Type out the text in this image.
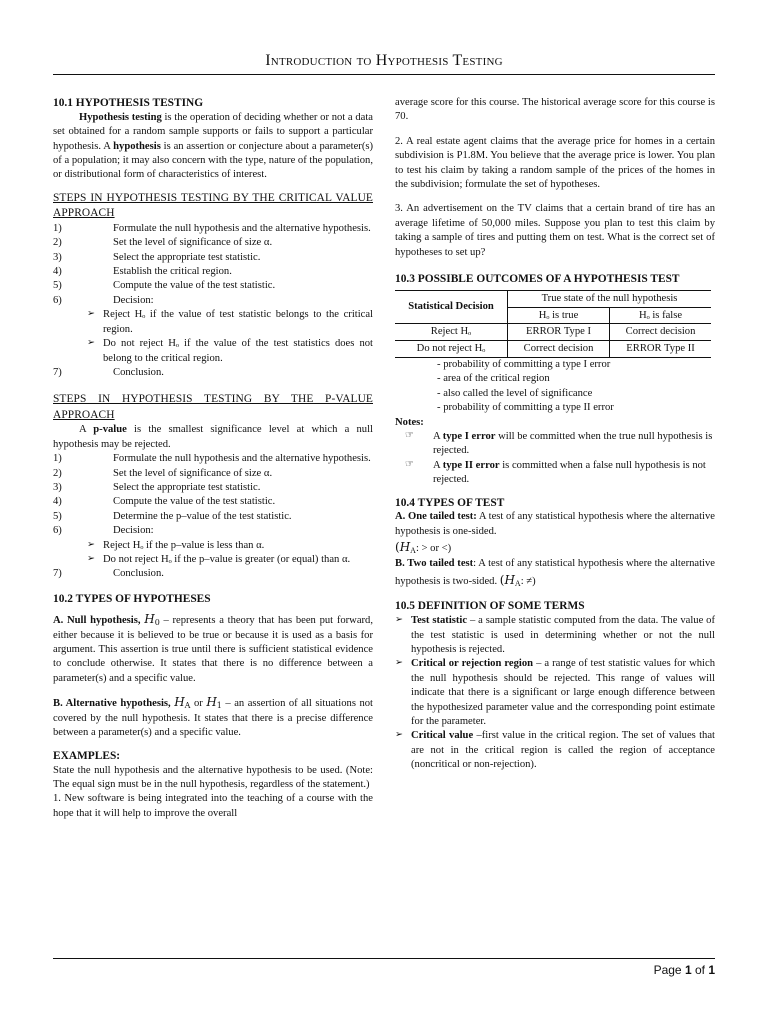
Introduction to Hypothesis Testing
10.1 HYPOTHESIS TESTING

Hypothesis testing is the operation of deciding whether or not a data set obtained for a random sample supports or fails to support a particular hypothesis. A hypothesis is an assertion or conjecture about a parameter(s) of a population; it may also concern with the type, nature of the population, or distributional form of characteristics of interest.

STEPS IN HYPOTHESIS TESTING BY THE CRITICAL VALUE APPROACH

1)	Formulate the null hypothesis and the alternative hypothesis.
2)	Set the level of significance of size α.
3)	Select the appropriate test statistic.
4)	Establish the critical region.
5)	Compute the value of the test statistic.
6)	Decision:
➢ Reject Hₒ if the value of test statistic belongs to the critical region.
➢ Do not reject Hₒ if the value of the test statistics does not belong to the critical region.
7)	Conclusion.

STEPS IN HYPOTHESIS TESTING BY THE P-VALUE APPROACH

A p-value is the smallest significance level at which a null hypothesis may be rejected.

1)	Formulate the null hypothesis and the alternative hypothesis.
2)	Set the level of significance of size α.
3)	Select the appropriate test statistic.
4)	Compute the value of the test statistic.
5)	Determine the p–value of the test statistic.
6)	Decision:
➢ Reject Hₒ if the p–value is less than α.
➢ Do not reject Hₒ if the p–value is greater (or equal) than α.
7)	Conclusion.
10.2 TYPES OF HYPOTHESES

A. Null hypothesis, $H_0$ – represents a theory that has been put forward, either because it is believed to be true or because it is used as a basis for argument. This assertion is true until there is sufficient statistical evidence to conclude otherwise. It states that there is no difference between a parameter(s) and a specific value.

B. Alternative hypothesis, $H_A$ or $H_1$ – an assertion of all situations not covered by the null hypothesis. It states that there is a precise difference between a parameter(s) and a specific value.

EXAMPLES:

State the null hypothesis and the alternative hypothesis to be used. (Note: The equal sign must be in the null hypothesis, regardless of the statement.)

1. New software is being integrated into the teaching of a course with the hope that it will help to improve the overall

average score for this course. The historical average score for this course is 70.

2. A real estate agent claims that the average price for homes in a certain subdivision is P1.8M. You believe that the average price is lower. You plan to test his claim by taking a random sample of the prices of the homes in the subdivision; formulate the set of hypotheses.

3. An advertisement on the TV claims that a certain brand of tire has an average lifetime of 50,000 miles. Suppose you plan to test this claim by taking a sample of tires and putting them on test. What is the correct set of hypotheses to set up?

10.3 POSSIBLE OUTCOMES OF A HYPOTHESIS TEST
Statistical Decision	True state of the null hypothesis	
	Hₒ is true	Hₒ is false
Reject Hₒ	ERROR Type I	Correct decision
Do not reject Hₒ	Correct decision	ERROR Type II
- probability of committing a type I error
- area of the critical region
- also called the level of significance
- probability of committing a type II error

Notes:

☞ A type I error will be committed when the true null hypothesis is rejected.
☞ A type II error is committed when a false null hypothesis is not rejected.
10.4 TYPES OF TEST

A. One tailed test: A test of any statistical hypothesis where the alternative hypothesis is one-sided.

($H_A$: > or <)

B. Two tailed test: A test of any statistical hypothesis where the alternative hypothesis is two-sided. ($H_A$: ≠)

10.5 DEFINITION OF SOME TERMS
➢ Test statistic – a sample statistic computed from the data. The value of the test statistic is used in determining whether or not the null hypothesis is rejected.
➢ Critical or rejection region – a range of test statistic values for which the null hypothesis should be rejected. This range of values will indicate that there is a significant or large enough difference between the hypothesized parameter value and the corresponding point estimate for the parameter.
➢ Critical value –first value in the critical region. The set of values that are not in the critical region is called the region of acceptance (noncritical or non-rejection).
Page 1 of 1
